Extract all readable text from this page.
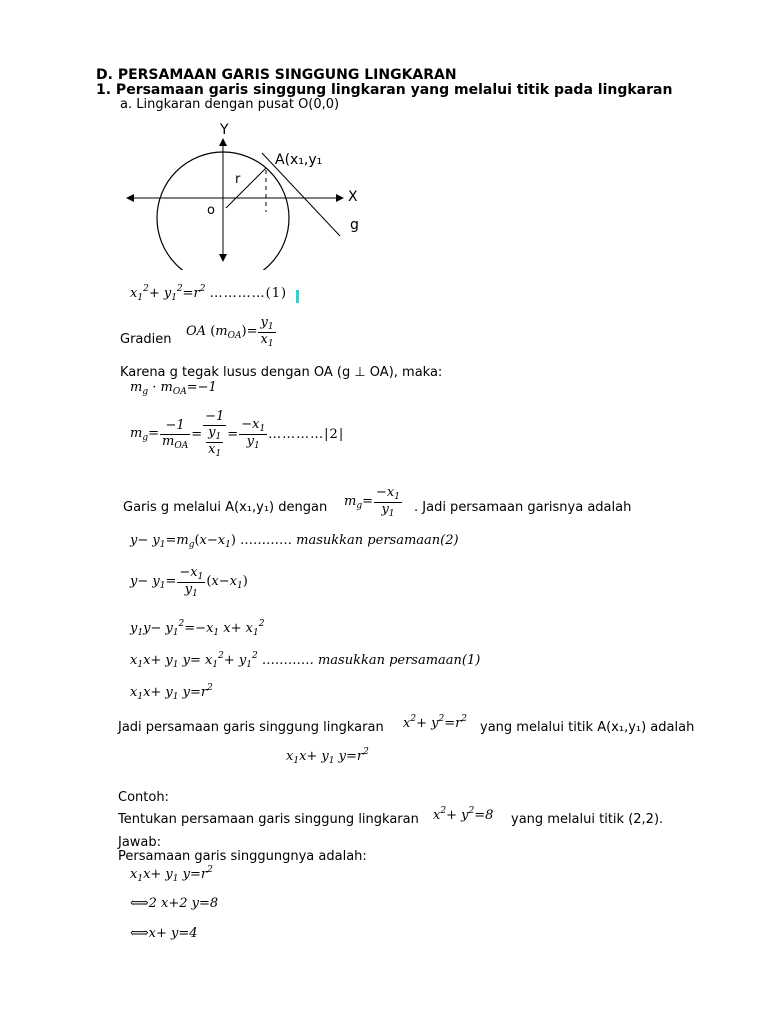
D. PERSAMAAN GARIS SINGGUNG LINGKARAN
1. Persamaan garis singgung lingkaran yang melalui titik pada lingkaran
a. Lingkaran dengan pusat O(0,0)
Y
X
A(x₁,y₁
r
o
g
$x_1^2+ y_1^2=r^2$ …………(1)
Gradien
OA $(m_{OA})= \frac{y_1}{x_1}$
Karena g tegak lusus dengan OA (g ⊥ OA), maka:
$m_g \cdot m_{OA}=-1$
$m_g= \frac{-1}{m_{OA}} = \frac{-1}{\frac{y_1}{x_1}} = \frac{-x_1}{y_1}$ …………|2|
Garis g melalui A(x₁,y₁) dengan $m_g= \frac{-x_1}{y_1}$ . Jadi persamaan garisnya adalah
$y- y_1=m_g(x-x_1)$ ………… masukkan persamaan(2)
$y- y_1= \frac{-x_1}{y_1} (x-x_1)$
$y_1y- y_1^2=-x_1$ $x+ x_1^2$
$x_1x+ y_1$ $y= x_1^2+ y_1^2$ ………… masukkan persamaan(1)
$x_1x+ y_1$ $y=r^2$
Jadi persamaan garis singgung lingkaran $x^2+ y^2=r^2$
yang melalui titik A(x₁,y₁) adalah
$x_1x+ y_1$ $y=r^2$
Contoh:
Tentukan persamaan garis singgung lingkaran $x^2+ y^2=8$ yang melalui titik (2,2).
Jawab:
Persamaan garis singgungnya adalah:
$x_1x+ y_1$ $y=r^2$
⟺2 x+2 y=8
⟺x+ y=4
